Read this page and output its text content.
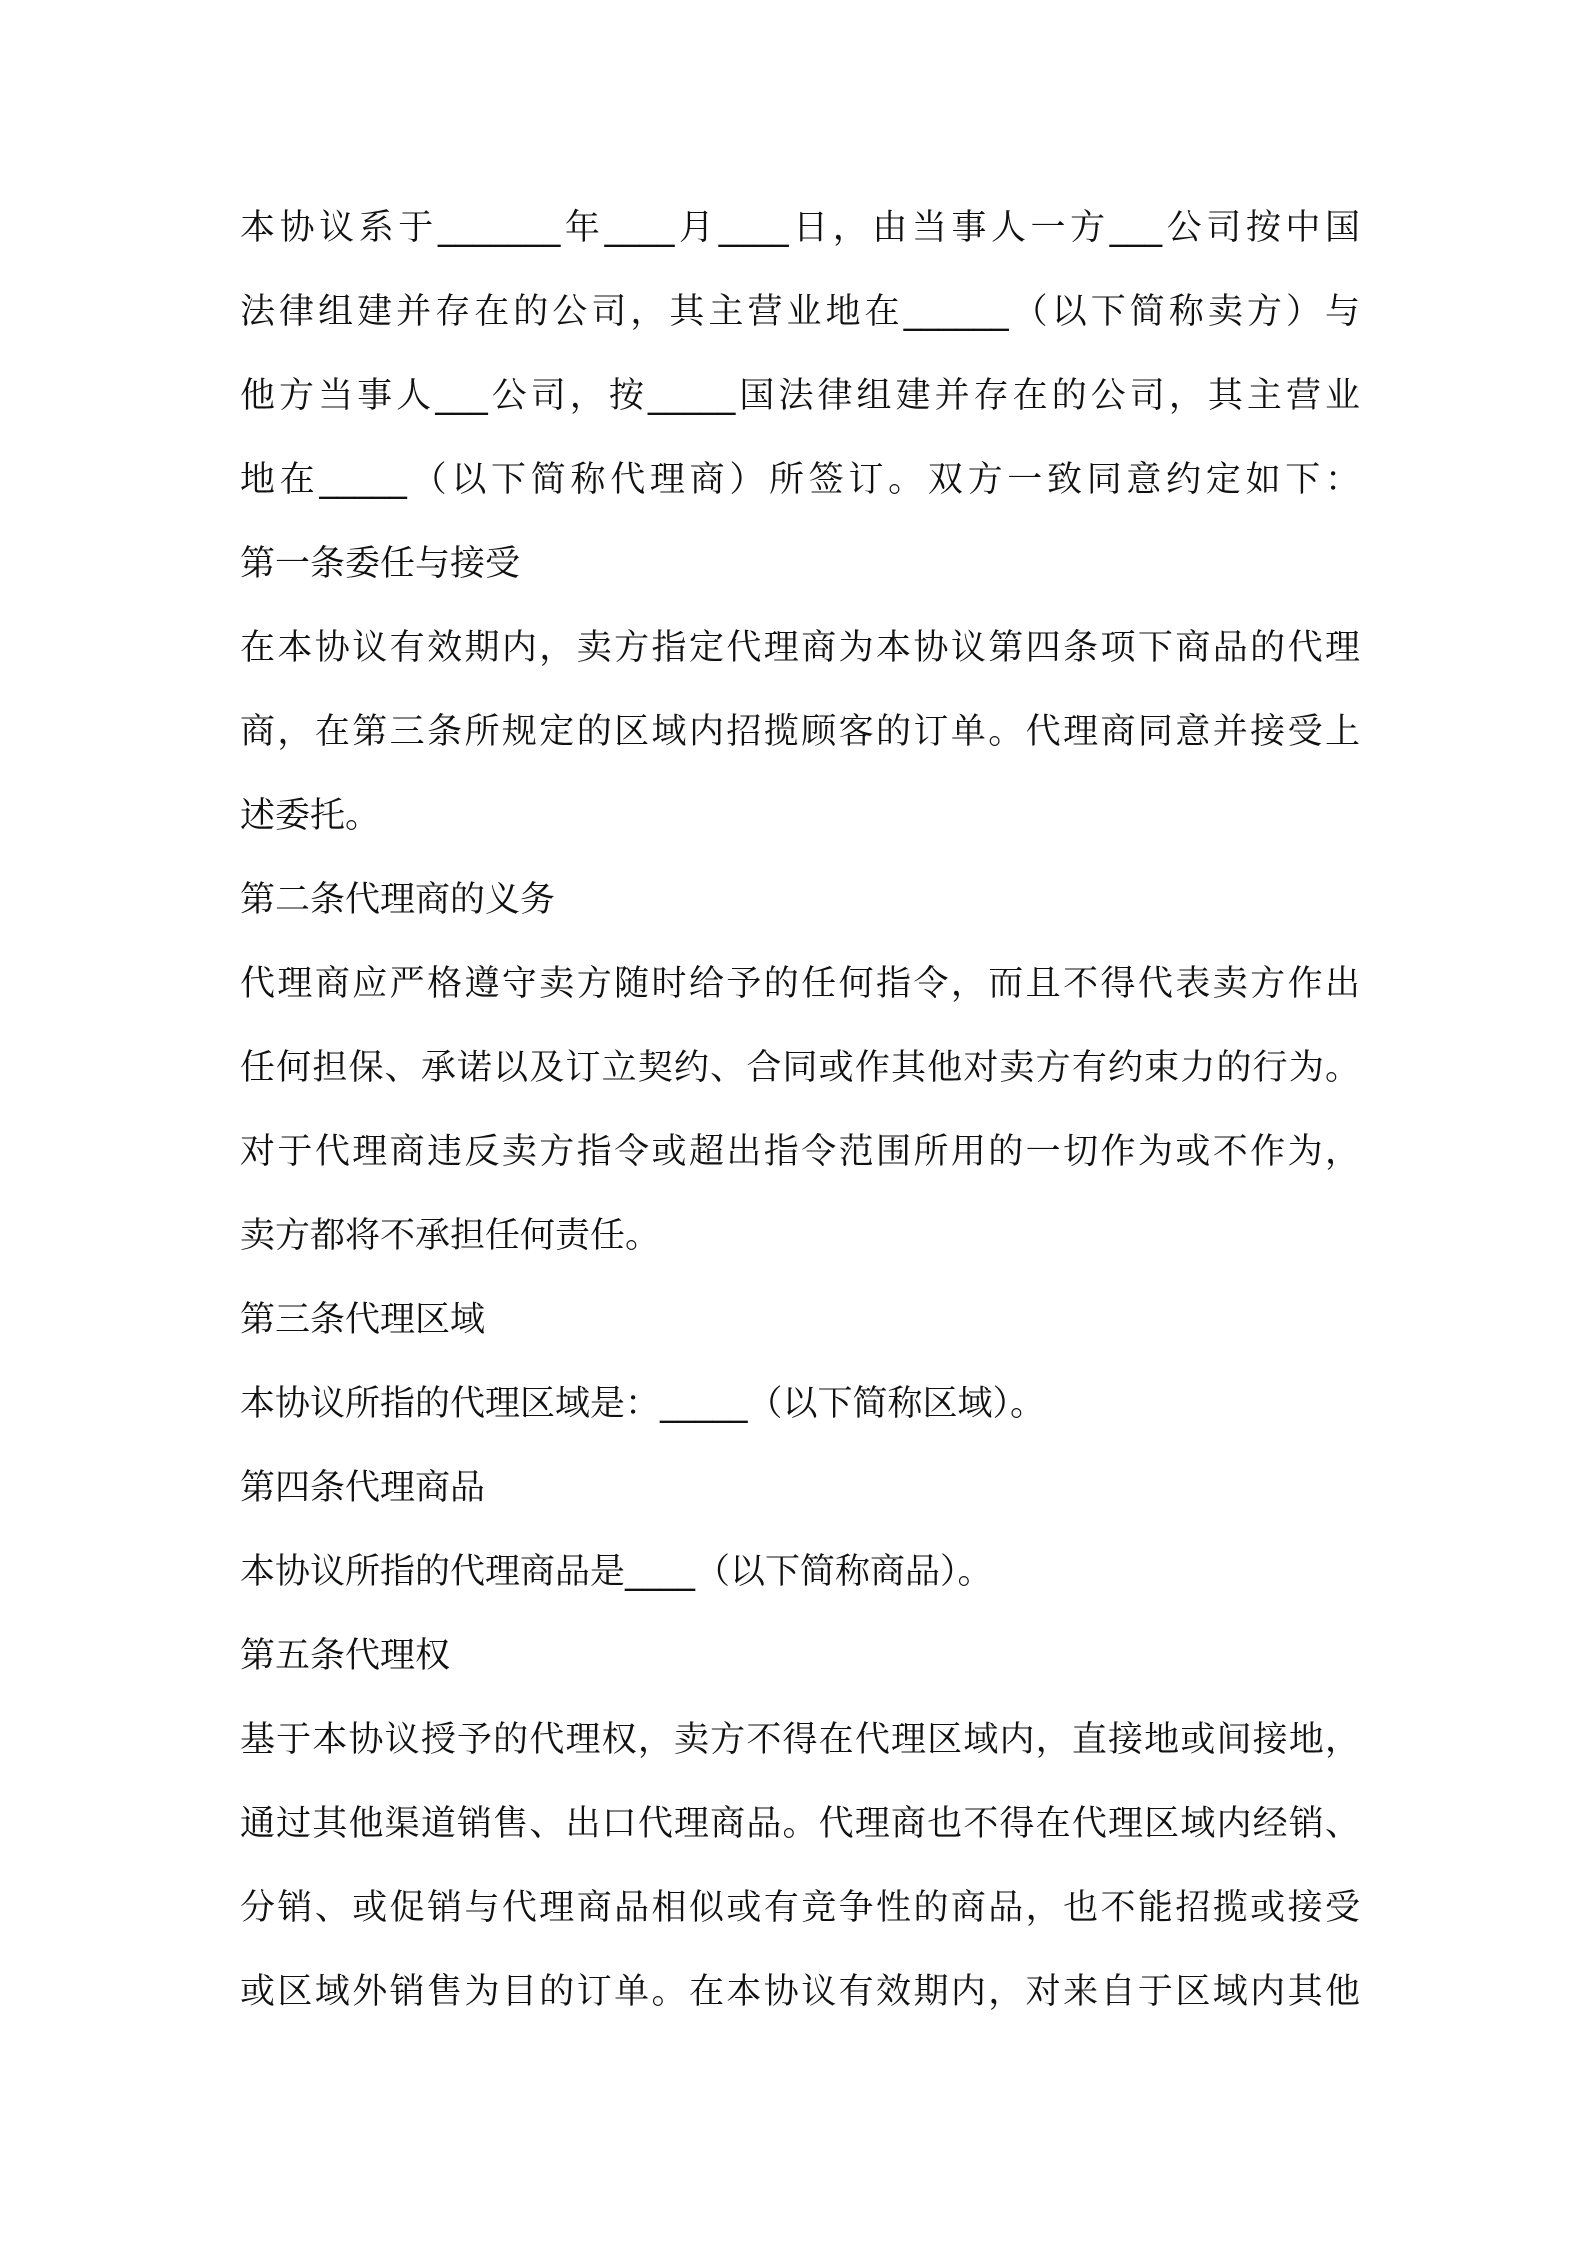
本协议系于_______年____月____日，由当事人一方___公司按中国
法律组建并存在的公司，其主营业地在______（以下简称卖方）与
他方当事人___公司，按_____国法律组建并存在的公司，其主营业
地在_____（以下简称代理商）所签订。双方一致同意约定如下：
第一条委任与接受
在本协议有效期内，卖方指定代理商为本协议第四条项下商品的代理
商，在第三条所规定的区域内招揽顾客的订单。代理商同意并接受上
述委托。
第二条代理商的义务
代理商应严格遵守卖方随时给予的任何指令，而且不得代表卖方作出
任何担保、承诺以及订立契约、合同或作其他对卖方有约束力的行为。
对于代理商违反卖方指令或超出指令范围所用的一切作为或不作为，
卖方都将不承担任何责任。
第三条代理区域
本协议所指的代理区域是：_____（以下简称区域）。
第四条代理商品
本协议所指的代理商品是____（以下简称商品）。
第五条代理权
基于本协议授予的代理权，卖方不得在代理区域内，直接地或间接地，
通过其他渠道销售、出口代理商品。代理商也不得在代理区域内经销、
分销、或促销与代理商品相似或有竞争性的商品，也不能招揽或接受
或区域外销售为目的订单。在本协议有效期内，对来自于区域内其他
